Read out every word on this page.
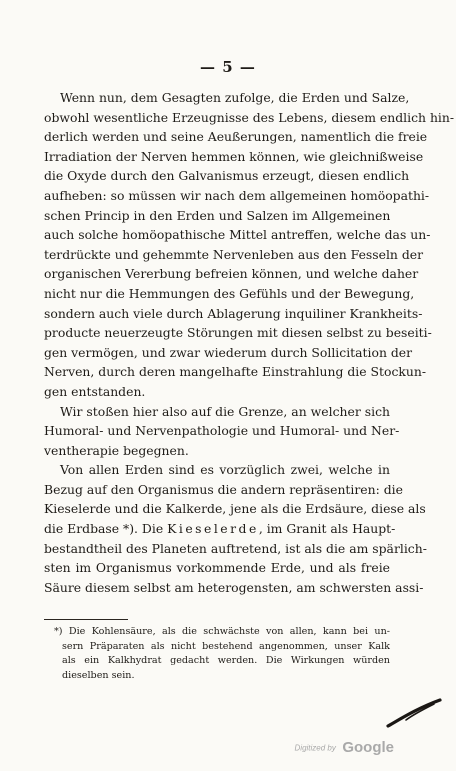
— 5 —
Wenn nun, dem Gesagten zufolge, die Erden und Salze,
obwohl wesentliche Erzeugnisse des Lebens, diesem endlich hin-
derlich werden und seine Aeußerungen, namentlich die freie
Irradiation der Nerven hemmen können, wie gleichnißweise
die Oxyde durch den Galvanismus erzeugt, diesen endlich
aufheben: so müssen wir nach dem allgemeinen homöopathi-
schen Princip in den Erden und Salzen im Allgemeinen
auch solche homöopathische Mittel antreffen, welche das un-
terdrückte und gehemmte Nervenleben aus den Fesseln der
organischen Vererbung befreien können, und welche daher
nicht nur die Hemmungen des Gefühls und der Bewegung,
sondern auch viele durch Ablagerung inquiliner Krankheits-
producte neuerzeugte Störungen mit diesen selbst zu beseiti-
gen vermögen, und zwar wiederum durch Sollicitation der
Nerven, durch deren mangelhafte Einstrahlung die Stockun-
gen entstanden.
Wir stoßen hier also auf die Grenze, an welcher sich
Humoral- und Nervenpathologie und Humoral- und Ner-
ventherapie begegnen.
Von allen Erden sind es vorzüglich zwei, welche in
Bezug auf den Organismus die andern repräsentiren: die
Kieselerde und die Kalkerde, jene als die Erdsäure, diese als
die Erdbase *). Die Kieselerde, im Granit als Haupt-
bestandtheil des Planeten auftretend, ist als die am spärlich-
sten im Organismus vorkommende Erde, und als freie
Säure diesem selbst am heterogensten, am schwersten assi-
*) Die Kohlensäure, als die schwächste von allen, kann bei un-
sern Präparaten als nicht bestehend angenommen, unser Kalk
als ein Kalkhydrat gedacht werden. Die Wirkungen würden
dieselben sein.
Digitized by Google
